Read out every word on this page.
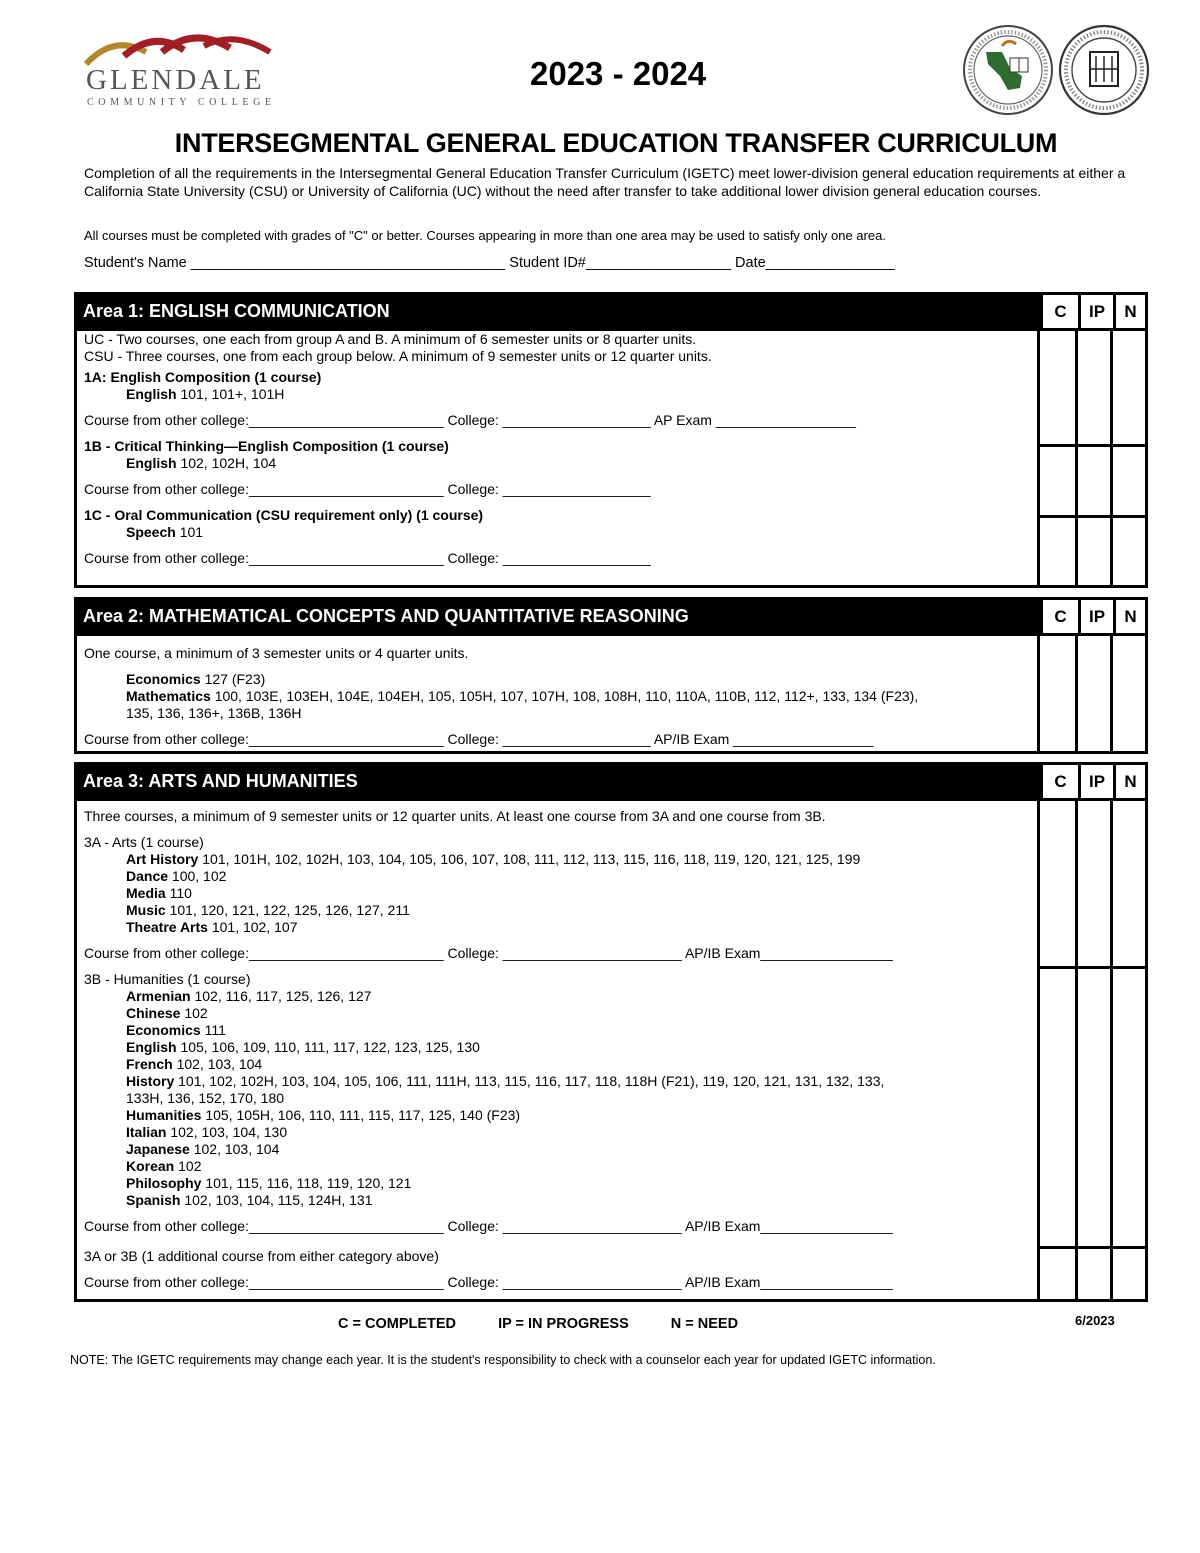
GLENDALE
COMMUNITY COLLEGE
2023 - 2024
INTERSEGMENTAL GENERAL EDUCATION TRANSFER CURRICULUM
Completion of all the requirements in the Intersegmental General Education Transfer Curriculum (IGETC) meet lower-division general education requirements at either a California State University (CSU) or University of California (UC) without the need after transfer to take additional lower division general education courses.
All courses must be completed with grades of "C" or better. Courses appearing in more than one area may be used to satisfy only one area.
Student's Name _______________________________________ Student ID#__________________ Date________________
Area 1: ENGLISH COMMUNICATION	C	IP	N
UC - Two courses, one each from group A and B. A minimum of 6 semester units or 8 quarter units.
CSU - Three courses, one from each group below. A minimum of 9 semester units or 12 quarter units.
1A: English Composition (1 course)
English 101, 101+, 101H
Course from other college:_________________________ College: ___________________ AP Exam __________________
1B - Critical Thinking—English Composition (1 course)
English 102, 102H, 104
Course from other college:_________________________ College: ___________________
1C - Oral Communication (CSU requirement only) (1 course)
Speech 101
Course from other college:_________________________ College: ___________________
Area 2: MATHEMATICAL CONCEPTS AND QUANTITATIVE REASONING	C	IP	N
One course, a minimum of 3 semester units or 4 quarter units.
Economics 127 (F23)
Mathematics 100, 103E, 103EH, 104E, 104EH, 105, 105H, 107, 107H, 108, 108H, 110, 110A, 110B, 112, 112+, 133, 134 (F23),
135, 136, 136+, 136B, 136H
Course from other college:_________________________ College: ___________________ AP/IB Exam __________________
Area 3: ARTS AND HUMANITIES	C	IP	N
Three courses, a minimum of 9 semester units or 12 quarter units. At least one course from 3A and one course from 3B.
3A - Arts (1 course)
Art History 101, 101H, 102, 102H, 103, 104, 105, 106, 107, 108, 111, 112, 113, 115, 116, 118, 119, 120, 121, 125, 199
Dance 100, 102
Media 110
Music 101, 120, 121, 122, 125, 126, 127, 211
Theatre Arts 101, 102, 107
Course from other college:_________________________ College: _______________________ AP/IB Exam_________________
3B - Humanities (1 course)
Armenian 102, 116, 117, 125, 126, 127
Chinese 102
Economics 111
English 105, 106, 109, 110, 111, 117, 122, 123, 125, 130
French 102, 103, 104
History 101, 102, 102H, 103, 104, 105, 106, 111, 111H, 113, 115, 116, 117, 118, 118H (F21), 119, 120, 121, 131, 132, 133,
133H, 136, 152, 170, 180
Humanities 105, 105H, 106, 110, 111, 115, 117, 125, 140 (F23)
Italian 102, 103, 104, 130
Japanese 102, 103, 104
Korean 102
Philosophy 101, 115, 116, 118, 119, 120, 121
Spanish 102, 103, 104, 115, 124H, 131
Course from other college:_________________________ College: _______________________ AP/IB Exam_________________
3A or 3B (1 additional course from either category above)
Course from other college:_________________________ College: _______________________ AP/IB Exam_________________
C = COMPLETED	IP = IN PROGRESS	N = NEED	6/2023
NOTE: The IGETC requirements may change each year. It is the student's responsibility to check with a counselor each year for updated IGETC information.
